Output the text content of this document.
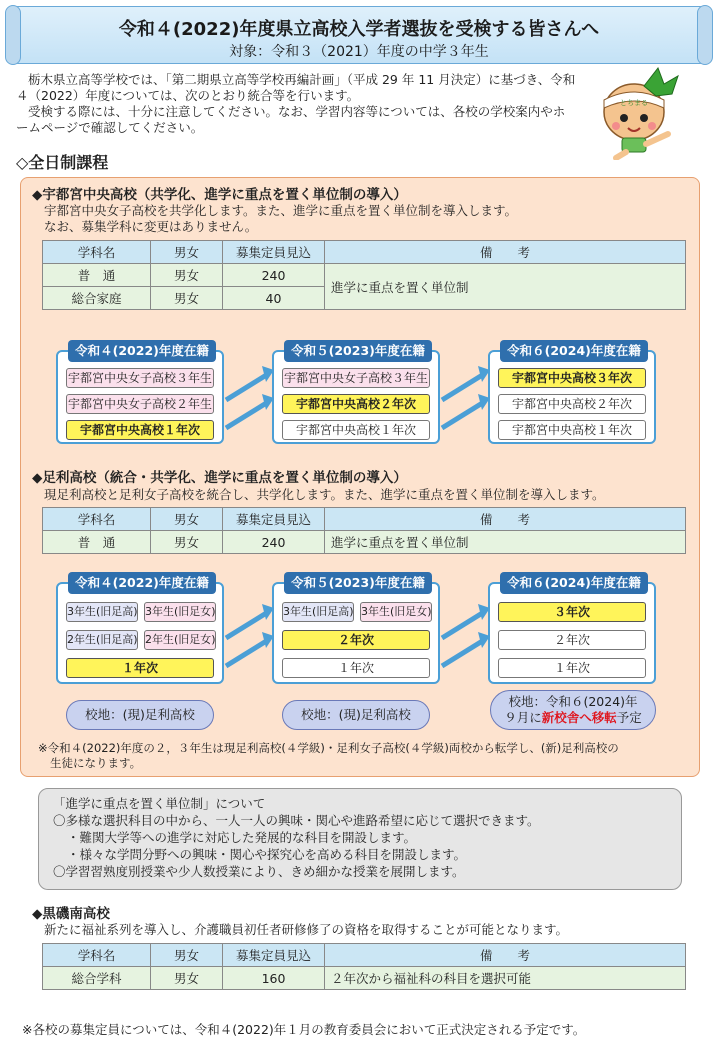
令和４(2022)年度県立高校入学者選抜を受検する皆さんへ
対象：令和３（2021）年度の中学３年生

栃木県立高等学校では、「第二期県立高等学校再編計画」（平成 29 年 11 月決定）に基づき、令和４（2022）年度については、次のとおり統合等を行います。

受検する際には、十分に注意してください。なお、学習内容等については、各校の学校案内やホームページで確認してください。

とちまる
◇全日制課程
◆宇都宮中央高校（共学化、進学に重点を置く単位制の導入）
宇都宮中央女子高校を共学化します。また、進学に重点を置く単位制を導入します。
なお、募集学科に変更はありません。
学科名	男女	募集定員見込	備　　考
普　通	男女	240	進学に重点を置く単位制
総合家庭	男女	40	
令和４(2022)年度在籍
宇都宮中央女子高校３年生
宇都宮中央女子高校２年生
宇都宮中央高校１年次
令和５(2023)年度在籍
宇都宮中央女子高校３年生
宇都宮中央高校２年次
宇都宮中央高校１年次
令和６(2024)年度在籍
宇都宮中央高校３年次
宇都宮中央高校２年次
宇都宮中央高校１年次
◆足利高校（統合・共学化、進学に重点を置く単位制の導入）
現足利高校と足利女子高校を統合し、共学化します。また、進学に重点を置く単位制を導入します。
学科名	男女	募集定員見込	備　　考
普　通	男女	240	進学に重点を置く単位制
令和４(2022)年度在籍
3年生(旧足高) 3年生(旧足女)
2年生(旧足高) 2年生(旧足女)
１年次
令和５(2023)年度在籍
3年生(旧足高) 3年生(旧足女)
２年次
１年次
令和６(2024)年度在籍
３年次
２年次
１年次
校地：(現)足利高校	校地：(現)足利高校
校地：令和６(2024)年
９月に新校舎へ移転予定
※令和４(2022)年度の２，３年生は現足利高校(４学級)・足利女子高校(４学級)両校から転学し、(新)足利高校の
生徒になります。
「進学に重点を置く単位制」について
〇多様な選択科目の中から、一人一人の興味・関心や進路希望に応じて選択できます。
・難関大学等への進学に対応した発展的な科目を開設します。
・様々な学問分野への興味・関心や探究心を高める科目を開設します。
〇学習習熟度別授業や少人数授業により、きめ細かな授業を展開します。
◆黒磯南高校
新たに福祉系列を導入し、介護職員初任者研修修了の資格を取得することが可能となります。
学科名	男女	募集定員見込	備　　考
総合学科	男女	160	２年次から福祉科の科目を選択可能
※各校の募集定員については、令和４(2022)年１月の教育委員会において正式決定される予定です。
